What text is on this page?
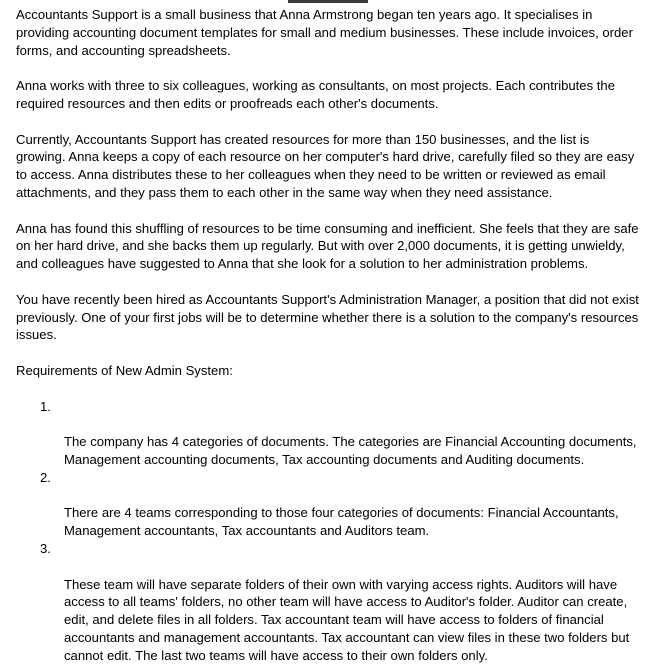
Accountants Support is a small business that Anna Armstrong began ten years ago. It specialises in
providing accounting document templates for small and medium businesses. These include invoices, order
forms, and accounting spreadsheets.

Anna works with three to six colleagues, working as consultants, on most projects. Each contributes the
required resources and then edits or proofreads each other's documents.

Currently, Accountants Support has created resources for more than 150 businesses, and the list is
growing. Anna keeps a copy of each resource on her computer's hard drive, carefully filed so they are easy
to access. Anna distributes these to her colleagues when they need to be written or reviewed as email
attachments, and they pass them to each other in the same way when they need assistance.

Anna has found this shuffling of resources to be time consuming and inefficient. She feels that they are safe
on her hard drive, and she backs them up regularly. But with over 2,000 documents, it is getting unwieldy,
and colleagues have suggested to Anna that she look for a solution to her administration problems.

You have recently been hired as Accountants Support's Administration Manager, a position that did not exist
previously. One of your first jobs will be to determine whether there is a solution to the company's resources
issues.

Requirements of New Admin System:

1.

The company has 4 categories of documents. The categories are Financial Accounting documents,
Management accounting documents, Tax accounting documents and Auditing documents.

2.

There are 4 teams corresponding to those four categories of documents: Financial Accountants,
Management accountants, Tax accountants and Auditors team.

3.

These team will have separate folders of their own with varying access rights. Auditors will have
access to all teams' folders, no other team will have access to Auditor's folder. Auditor can create,
edit, and delete files in all folders. Tax accountant team will have access to folders of financial
accountants and management accountants. Tax accountant can view files in these two folders but
cannot edit. The last two teams will have access to their own folders only.
